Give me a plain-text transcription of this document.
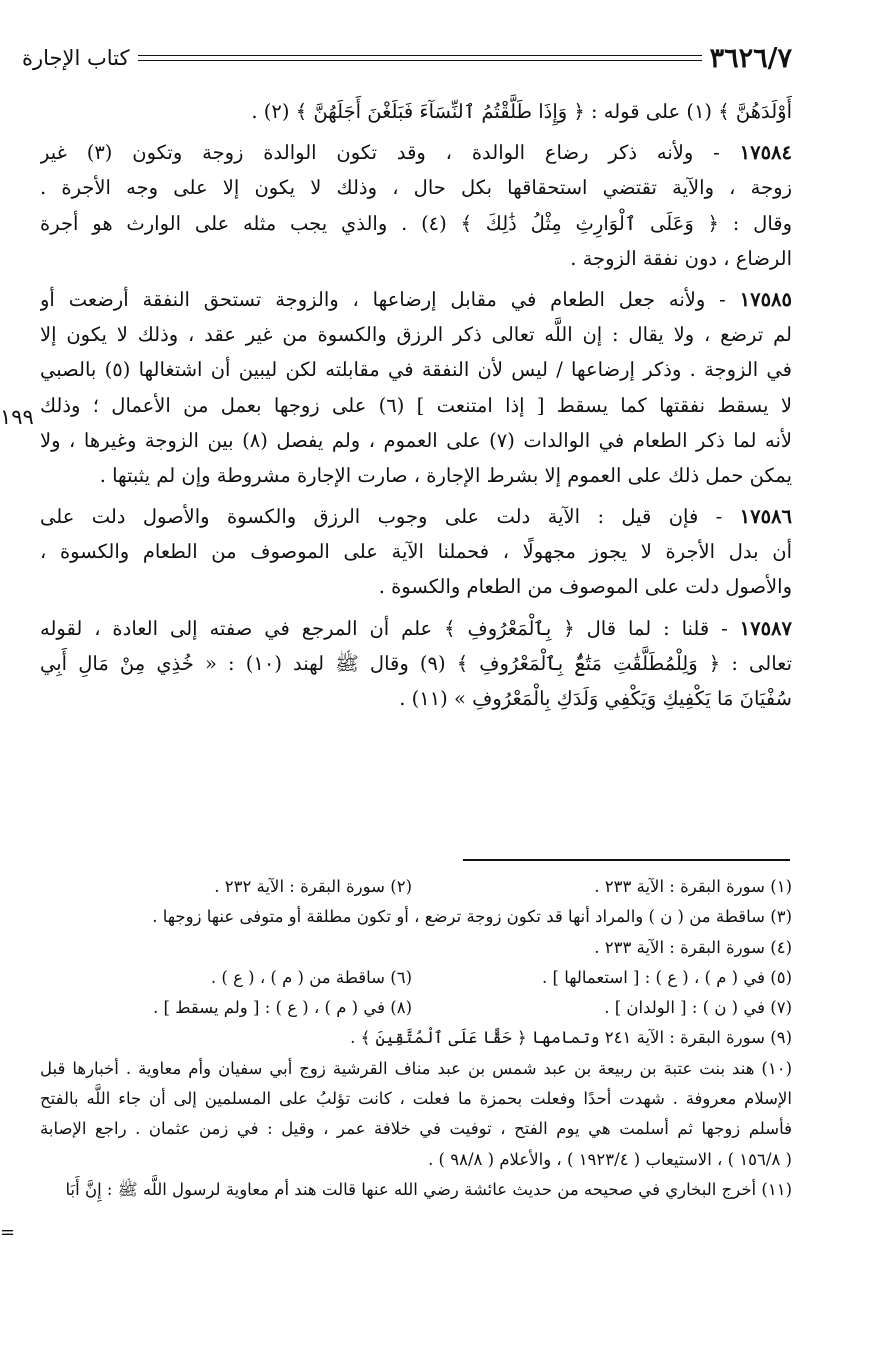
٣٦٢٦/٧
كتاب الإجارة
١٩٩
أَوْلَدَهُنَّ ﴾ (١) على قوله : ﴿ وَإِذَا طَلَّقْتُمُ ٱلنِّسَآءَ فَبَلَغْنَ أَجَلَهُنَّ ﴾ (٢) .
١٧٥٨٤ - ولأنه ذكر رضاع الوالدة ، وقد تكون الوالدة زوجة وتكون (٣) غير
زوجة ، والآية تقتضي استحقاقها بكل حال ، وذلك لا يكون إلا على وجه الأجرة .
وقال : ﴿ وَعَلَى ٱلْوَارِثِ مِثْلُ ذَٰلِكَ ﴾ (٤) . والذي يجب مثله على الوارث هو أجرة
الرضاع ، دون نفقة الزوجة .
١٧٥٨٥ - ولأنه جعل الطعام في مقابل إرضاعها ، والزوجة تستحق النفقة أرضعت أو
لم ترضع ، ولا يقال : إن اللَّه تعالى ذكر الرزق والكسوة من غير عقد ، وذلك لا يكون إلا
في الزوجة . وذكر إرضاعها / ليس لأن النفقة في مقابلته لكن ليبين أن اشتغالها (٥) بالصبي
لا يسقط نفقتها كما يسقط [ إذا امتنعت ] (٦) على زوجها بعمل من الأعمال ؛ وذلك
لأنه لما ذكر الطعام في الوالدات (٧) على العموم ، ولم يفصل (٨) بين الزوجة وغيرها ، ولا
يمكن حمل ذلك على العموم إلا بشرط الإجارة ، صارت الإجارة مشروطة وإن لم يثبتها .
١٧٥٨٦ - فإن قيل : الآية دلت على وجوب الرزق والكسوة والأصول دلت على
أن بدل الأجرة لا يجوز مجهولًا ، فحملنا الآية على الموصوف من الطعام والكسوة ،
والأصول دلت على الموصوف من الطعام والكسوة .
١٧٥٨٧ - قلنا : لما قال ﴿ بِٱلْمَعْرُوفِ ﴾ علم أن المرجع في صفته إلى العادة ، لقوله
تعالى : ﴿ وَلِلْمُطَلَّقَٰتِ مَتَٰعٌۢ بِٱلْمَعْرُوفِ ﴾ (٩) وقال ﷺ لهند (١٠) : « خُذِي مِنْ مَالِ أَبِي
سُفْيَانَ مَا يَكْفِيكِ وَيَكْفِي وَلَدَكِ بِالْمَعْرُوفِ » (١١) .
(١) سورة البقرة : الآية ٢٣٣ .
(٢) سورة البقرة : الآية ٢٣٢ .
(٣) ساقطة من ( ن ) والمراد أنها قد تكون زوجة ترضع ، أو تكون مطلقة أو متوفى عنها زوجها .
(٤) سورة البقرة : الآية ٢٣٣ .
(٥) في ( م ) ، ( ع ) : [ استعمالها ] .
(٦) ساقطة من ( م ) ، ( ع ) .
(٧) في ( ن ) : [ الولدان ] .
(٨) في ( م ) ، ( ع ) : [ ولم يسقط ] .
(٩) سورة البقرة : الآية ٢٤١ وتمامها ﴿ حَقًّا عَلَى ٱلْمُتَّقِينَ ﴾ .
(١٠) هند بنت عتبة بن ربيعة بن عبد شمس بن عبد مناف القرشية زوج أبي سفيان وأم معاوية . أخبارها قبل
الإسلام معروفة . شهدت أحدًا وفعلت بحمزة ما فعلت ، كانت تؤلبُ على المسلمين إلى أن جاء اللَّه بالفتح
فأسلم زوجها ثم أسلمت هي يوم الفتح ، توفيت في خلافة عمر ، وقيل : في زمن عثمان . راجع الإصابة
( ١٥٦/٨ ) ، الاستيعاب ( ١٩٢٣/٤ ) ، والأعلام ( ٩٨/٨ ) .
(١١) أخرج البخاري في صحيحه من حديث عائشة رضي الله عنها قالت هند أم معاوية لرسول اللَّه ﷺ : إِنَّ أَبَا
=
